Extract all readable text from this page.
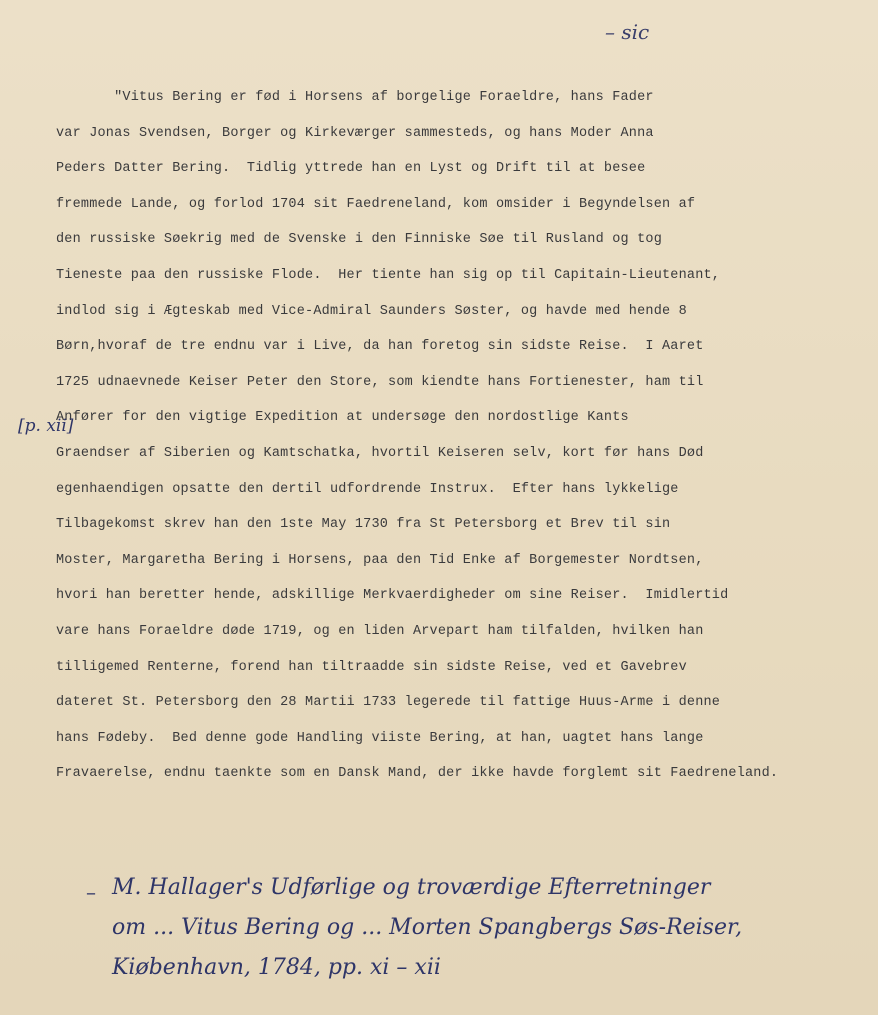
– sic
"Vitus Bering er fød i Horsens af borgelige Foraeldre, hans Fader
var Jonas Svendsen, Borger og Kirkeværger sammesteds, og hans Moder Anna
Peders Datter Bering.  Tidlig yttrede han en Lyst og Drift til at besee
fremmede Lande, og forlod 1704 sit Faedreneland, kom omsider i Begyndelsen af
den russiske Søekrig med de Svenske i den Finniske Søe til Rusland og tog
Tieneste paa den russiske Flode.  Her tiente han sig op til Capitain-Lieutenant,
indlod sig i Ægteskab med Vice-Admiral Saunders Søster, og havde med hende 8
Børn,hvoraf de tre endnu var i Live, da han foretog sin sidste Reise.  I Aaret
1725 udnaevnede Keiser Peter den Store, som kiendte hans Fortienester, ham til
Anfører for den vigtige Expedition at undersøge den nordostlige Kants
Graendser af Siberien og Kamtschatka, hvortil Keiseren selv, kort før hans Død
egenhaendigen opsatte den dertil udfordrende Instrux.  Efter hans lykkelige
Tilbagekomst skrev han den 1ste May 1730 fra St Petersborg et Brev til sin
Moster, Margaretha Bering i Horsens, paa den Tid Enke af Borgemester Nordtsen,
hvori han beretter hende, adskillige Merkvaerdigheder om sine Reiser.  Imidlertid
vare hans Foraeldre døde 1719, og en liden Arvepart ham tilfalden, hvilken han
tilligemed Renterne, forend han tiltraadde sin sidste Reise, ved et Gavebrev
dateret St. Petersborg den 28 Martii 1733 legerede til fattige Huus-Arme i denne
hans Fødeby.  Bed denne gode Handling viiste Bering, at han, uagtet hans lange
Fravaerelse, endnu taenkte som en Dansk Mand, der ikke havde forglemt sit Faedreneland.
[p. xii]
– M. Hallager's Udførlige og troværdige Efterretninger
om ... Vitus Bering og ... Morten Spangbergs Søs-Reiser,
Kiøbenhavn, 1784, pp. xi – xii
